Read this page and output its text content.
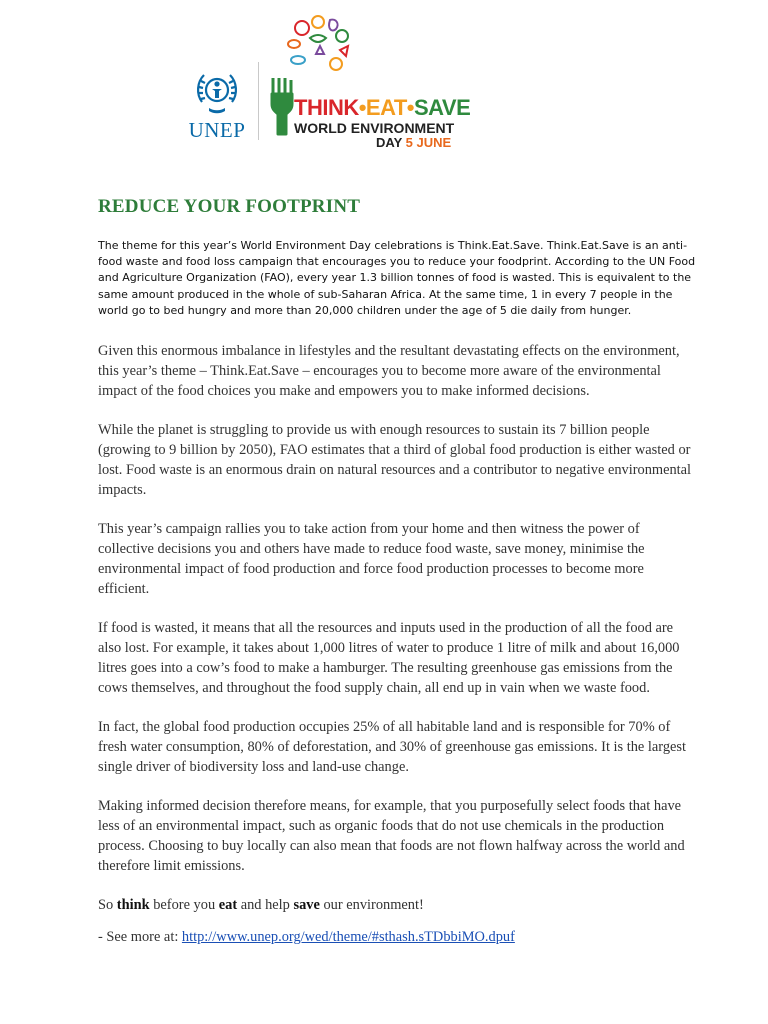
UNEP
THINK•EAT•SAVE
WORLD ENVIRONMENT
DAY 5 JUNE
REDUCE YOUR FOOTPRINT

The theme for this year’s World Environment Day celebrations is Think.Eat.Save. Think.Eat.Save is an anti-food waste and food loss campaign that encourages you to reduce your foodprint. According to the UN Food and Agriculture Organization (FAO), every year 1.3 billion tonnes of food is wasted. This is equivalent to the same amount produced in the whole of sub-Saharan Africa. At the same time, 1 in every 7 people in the world go to bed hungry and more than 20,000 children under the age of 5 die daily from hunger.

Given this enormous imbalance in lifestyles and the resultant devastating effects on the environment, this year’s theme – Think.Eat.Save – encourages you to become more aware of the environmental impact of the food choices you make and empowers you to make informed decisions.

While the planet is struggling to provide us with enough resources to sustain its 7 billion people (growing to 9 billion by 2050), FAO estimates that a third of global food production is either wasted or lost. Food waste is an enormous drain on natural resources and a contributor to negative environmental impacts.

This year’s campaign rallies you to take action from your home and then witness the power of collective decisions you and others have made to reduce food waste, save money, minimise the environmental impact of food production and force food production processes to become more efficient.

If food is wasted, it means that all the resources and inputs used in the production of all the food are also lost. For example, it takes about 1,000 litres of water to produce 1 litre of milk and about 16,000 litres goes into a cow’s food to make a hamburger. The resulting greenhouse gas emissions from the cows themselves, and throughout the food supply chain, all end up in vain when we waste food.

In fact, the global food production occupies 25% of all habitable land and is responsible for 70% of fresh water consumption, 80% of deforestation, and 30% of greenhouse gas emissions. It is the largest single driver of biodiversity loss and land-use change.

Making informed decision therefore means, for example, that you purposefully select foods that have less of an environmental impact, such as organic foods that do not use chemicals in the production process. Choosing to buy locally can also mean that foods are not flown halfway across the world and therefore limit emissions.

So think before you eat and help save our environment!

- See more at: http://www.unep.org/wed/theme/#sthash.sTDbbiMO.dpuf
